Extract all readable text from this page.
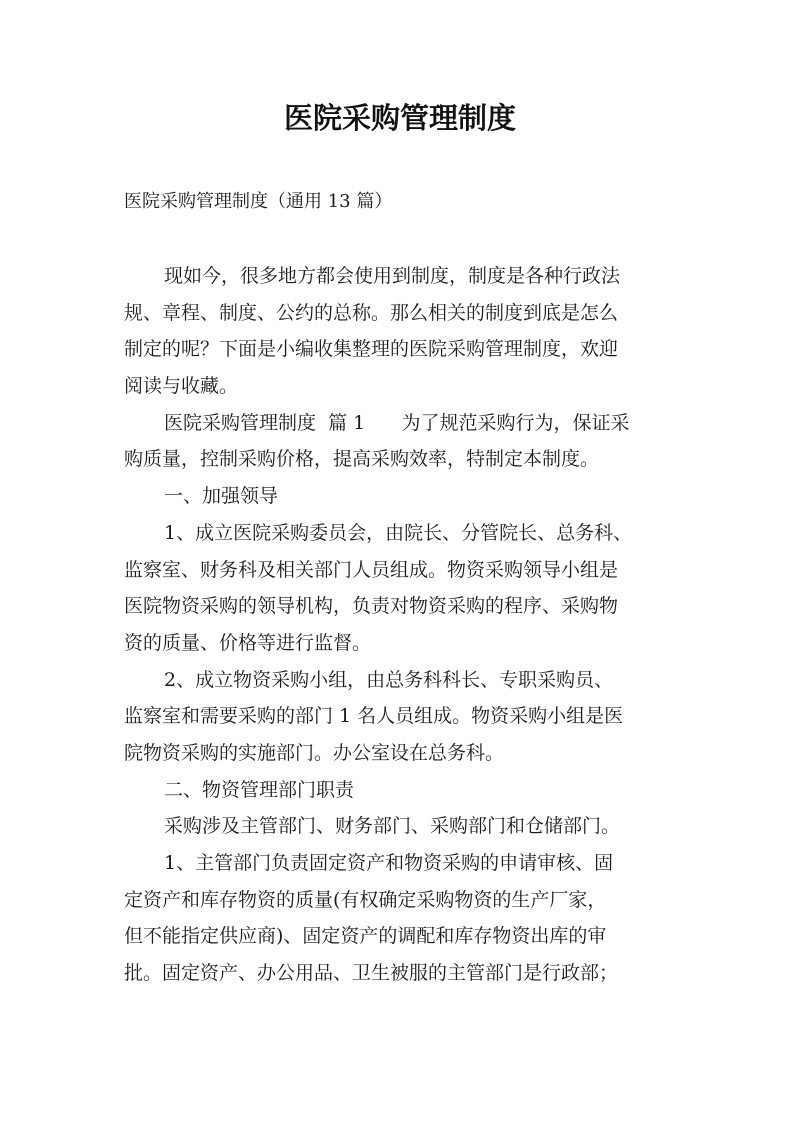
医院采购管理制度
医院采购管理制度（通用 13 篇）
现如今，很多地方都会使用到制度，制度是各种行政法
规、章程、制度、公约的总称。那么相关的制度到底是怎么
制定的呢？下面是小编收集整理的医院采购管理制度，欢迎
阅读与收藏。
医院采购管理制度  篇 1      为了规范采购行为，保证采
购质量，控制采购价格，提高采购效率，特制定本制度。
一、加强领导
1、成立医院采购委员会，由院长、分管院长、总务科、
监察室、财务科及相关部门人员组成。物资采购领导小组是
医院物资采购的领导机构，负责对物资采购的程序、采购物
资的质量、价格等进行监督。
2、成立物资采购小组，由总务科科长、专职采购员、
监察室和需要采购的部门 1 名人员组成。物资采购小组是医
院物资采购的实施部门。办公室设在总务科。
二、物资管理部门职责
采购涉及主管部门、财务部门、采购部门和仓储部门。
1、主管部门负责固定资产和物资采购的申请审核、固
定资产和库存物资的质量(有权确定采购物资的生产厂家，
但不能指定供应商)、固定资产的调配和库存物资出库的审
批。固定资产、办公用品、卫生被服的主管部门是行政部；
